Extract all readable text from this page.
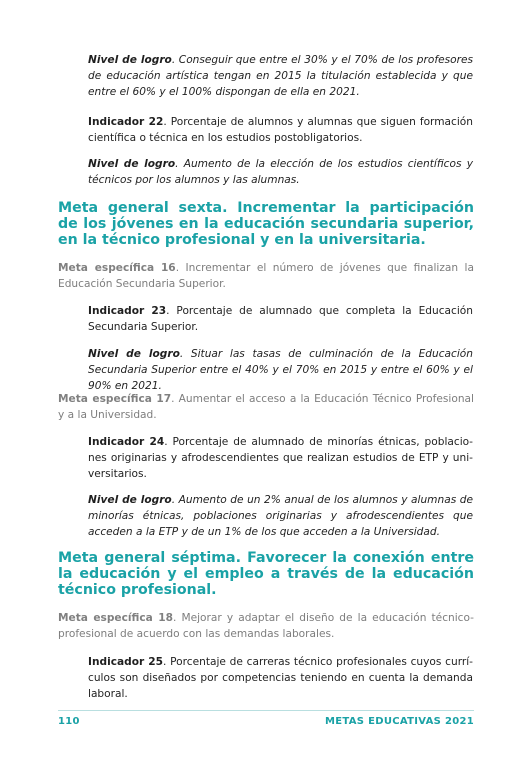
Nivel de logro. Conseguir que entre el 30% y el 70% de los profesores de educación artística tengan en 2015 la titulación establecida y que entre el 60% y el 100% dispongan de ella en 2021.

Indicador 22. Porcentaje de alumnos y alumnas que siguen formación científica o técnica en los estudios postobligatorios.

Nivel de logro. Aumento de la elección de los estudios científicos y técnicos por los alumnos y las alumnas.

Meta general sexta. Incrementar la participación de los jóvenes en la educación secundaria superior, en la técnico profesional y en la universitaria.

Meta específica 16. Incrementar el número de jóvenes que finalizan la Educación Secundaria Superior.

Indicador 23. Porcentaje de alumnado que completa la Educación Secundaria Superior.

Nivel de logro. Situar las tasas de culminación de la Educación Secundaria Superior entre el 40% y el 70% en 2015 y entre el 60% y el 90% en 2021.

Meta específica 17. Aumentar el acceso a la Educación Técnico Profesional y a la Universidad.

Indicador 24. Porcentaje de alumnado de minorías étnicas, poblaciones originarias y afrodescendientes que realizan estudios de ETP y universitarios.

Nivel de logro. Aumento de un 2% anual de los alumnos y alumnas de minorías étnicas, poblaciones originarias y afrodescendientes que acceden a la ETP y de un 1% de los que acceden a la Universidad.

Meta general séptima. Favorecer la conexión entre la educación y el empleo a través de la educación técnico profesional.

Meta específica 18. Mejorar y adaptar el diseño de la educación técnico-profesional de acuerdo con las demandas laborales.

Indicador 25. Porcentaje de carreras técnico profesionales cuyos currículos son diseñados por competencias teniendo en cuenta la demanda laboral.

110	METAS EDUCATIVAS 2021
